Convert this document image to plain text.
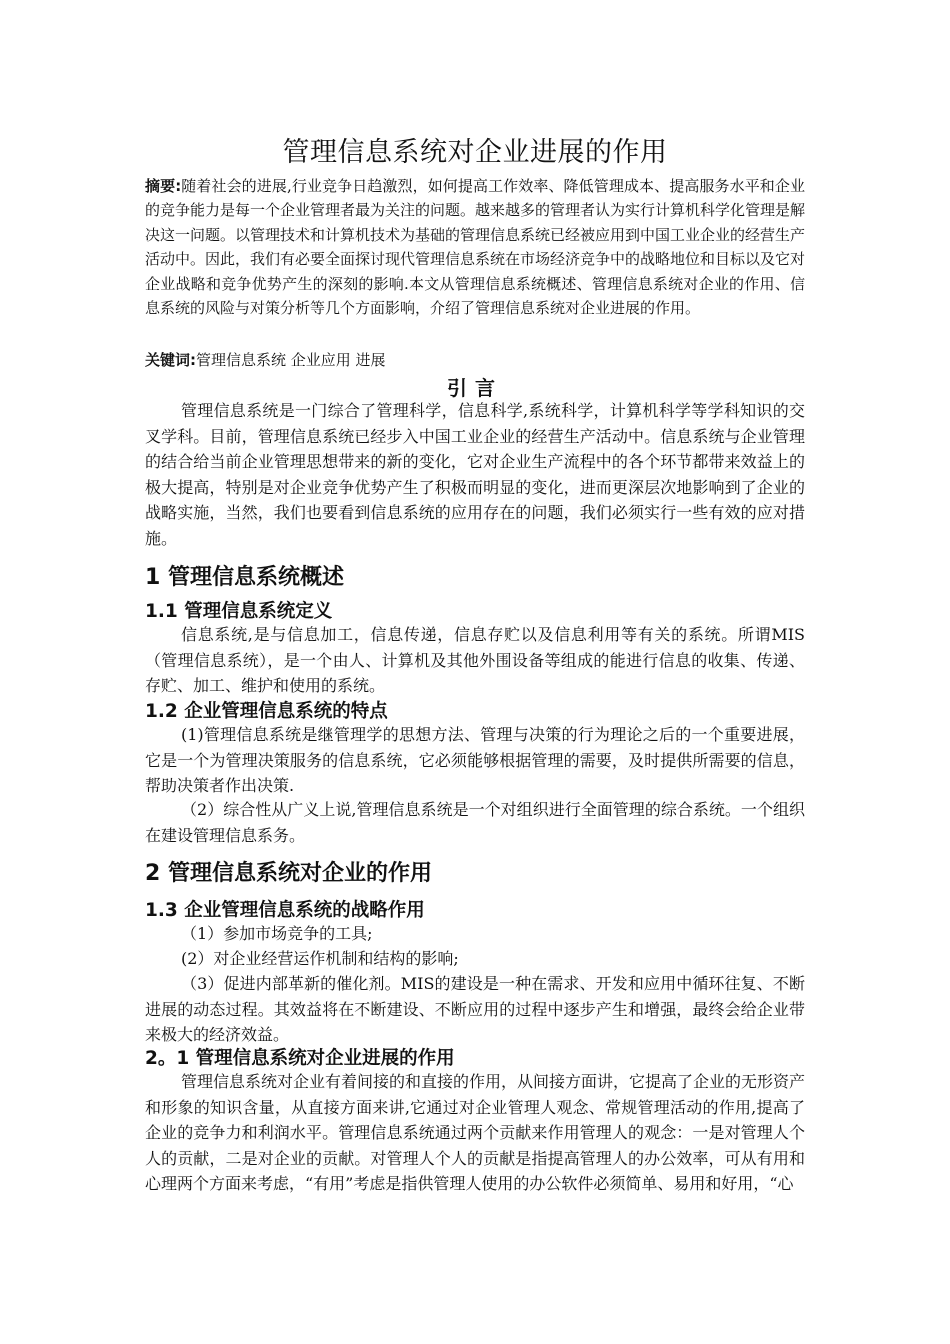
管理信息系统对企业进展的作用
摘要:随着社会的进展,行业竞争日趋激烈，如何提高工作效率、降低管理成本、提高服务水平和企业的竞争能力是每一个企业管理者最为关注的问题。越来越多的管理者认为实行计算机科学化管理是解决这一问题。以管理技术和计算机技术为基础的管理信息系统已经被应用到中国工业企业的经营生产活动中。因此，我们有必要全面探讨现代管理信息系统在市场经济竞争中的战略地位和目标以及它对企业战略和竞争优势产生的深刻的影响.本文从管理信息系统概述、管理信息系统对企业的作用、信息系统的风险与对策分析等几个方面影响，介绍了管理信息系统对企业进展的作用。
关键词:管理信息系统 企业应用 进展
引言
管理信息系统是一门综合了管理科学，信息科学,系统科学，计算机科学等学科知识的交叉学科。目前，管理信息系统已经步入中国工业企业的经营生产活动中。信息系统与企业管理的结合给当前企业管理思想带来的新的变化，它对企业生产流程中的各个环节都带来效益上的极大提高，特别是对企业竞争优势产生了积极而明显的变化，进而更深层次地影响到了企业的战略实施，当然，我们也要看到信息系统的应用存在的问题，我们必须实行一些有效的应对措施。
1 管理信息系统概述
1.1 管理信息系统定义
信息系统,是与信息加工，信息传递，信息存贮以及信息利用等有关的系统。所谓MIS（管理信息系统），是一个由人、计算机及其他外围设备等组成的能进行信息的收集、传递、存贮、加工、维护和使用的系统。
1.2 企业管理信息系统的特点
(1)管理信息系统是继管理学的思想方法、管理与决策的行为理论之后的一个重要进展，它是一个为管理决策服务的信息系统，它必须能够根据管理的需要，及时提供所需要的信息，帮助决策者作出决策.
（2）综合性从广义上说,管理信息系统是一个对组织进行全面管理的综合系统。一个组织在建设管理信息系务。
2 管理信息系统对企业的作用
1.3 企业管理信息系统的战略作用
（1）参加市场竞争的工具;
(2）对企业经营运作机制和结构的影响;
（3）促进内部革新的催化剂。MIS的建设是一种在需求、开发和应用中循环往复、不断进展的动态过程。其效益将在不断建设、不断应用的过程中逐步产生和增强，最终会给企业带来极大的经济效益。
2。1 管理信息系统对企业进展的作用
管理信息系统对企业有着间接的和直接的作用，从间接方面讲，它提高了企业的无形资产和形象的知识含量，从直接方面来讲,它通过对企业管理人观念、常规管理活动的作用,提高了企业的竞争力和利润水平。管理信息系统通过两个贡献来作用管理人的观念：一是对管理人个人的贡献，二是对企业的贡献。对管理人个人的贡献是指提高管理人的办公效率，可从有用和心理两个方面来考虑，“有用”考虑是指供管理人使用的办公软件必须简单、易用和好用，“心
